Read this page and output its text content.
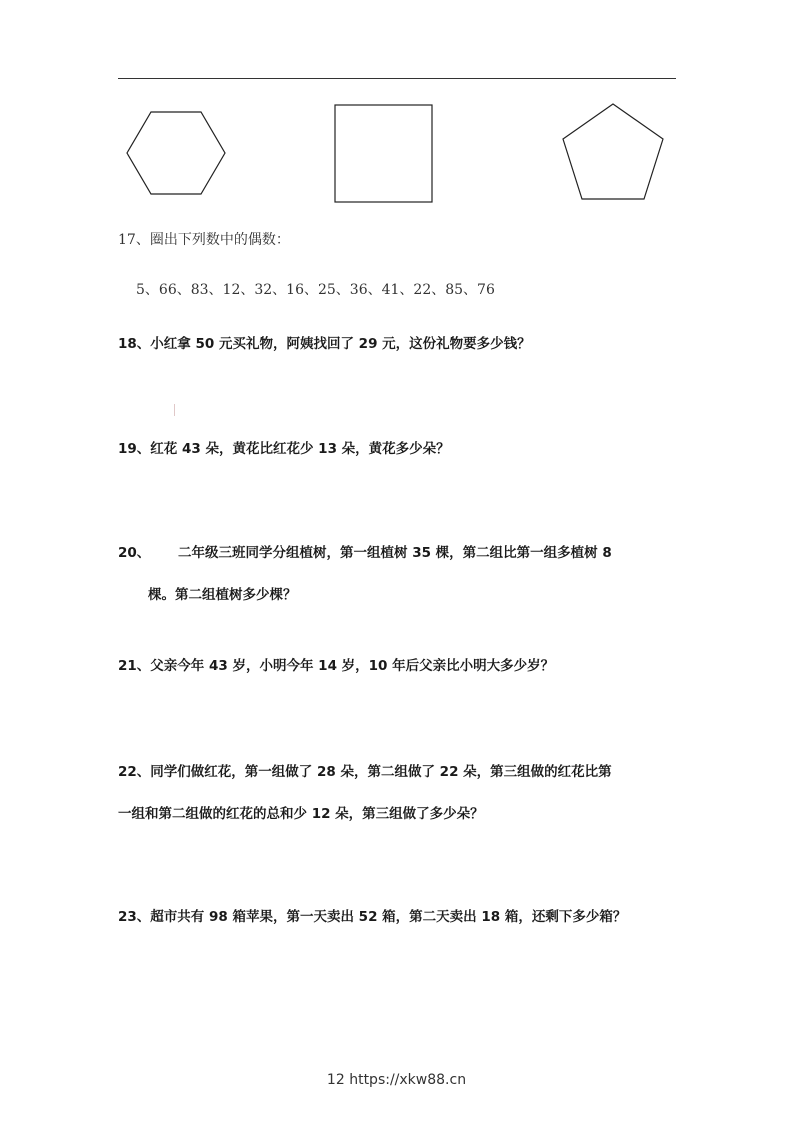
17、圈出下列数中的偶数：
5、66、83、12、32、16、25、36、41、22、85、76
18、小红拿 50 元买礼物，阿姨找回了 29 元，这份礼物要多少钱？
19、红花 43 朵，黄花比红花少 13 朵，黄花多少朵？
20、 二年级三班同学分组植树，第一组植树 35 棵，第二组比第一组多植树 8
棵。第二组植树多少棵？
21、父亲今年 43 岁，小明今年 14 岁，10 年后父亲比小明大多少岁？
22、同学们做红花，第一组做了 28 朵，第二组做了 22 朵，第三组做的红花比第
一组和第二组做的红花的总和少 12 朵，第三组做了多少朵？
23、超市共有 98 箱苹果，第一天卖出 52 箱，第二天卖出 18 箱，还剩下多少箱？
12 https://xkw88.cn
